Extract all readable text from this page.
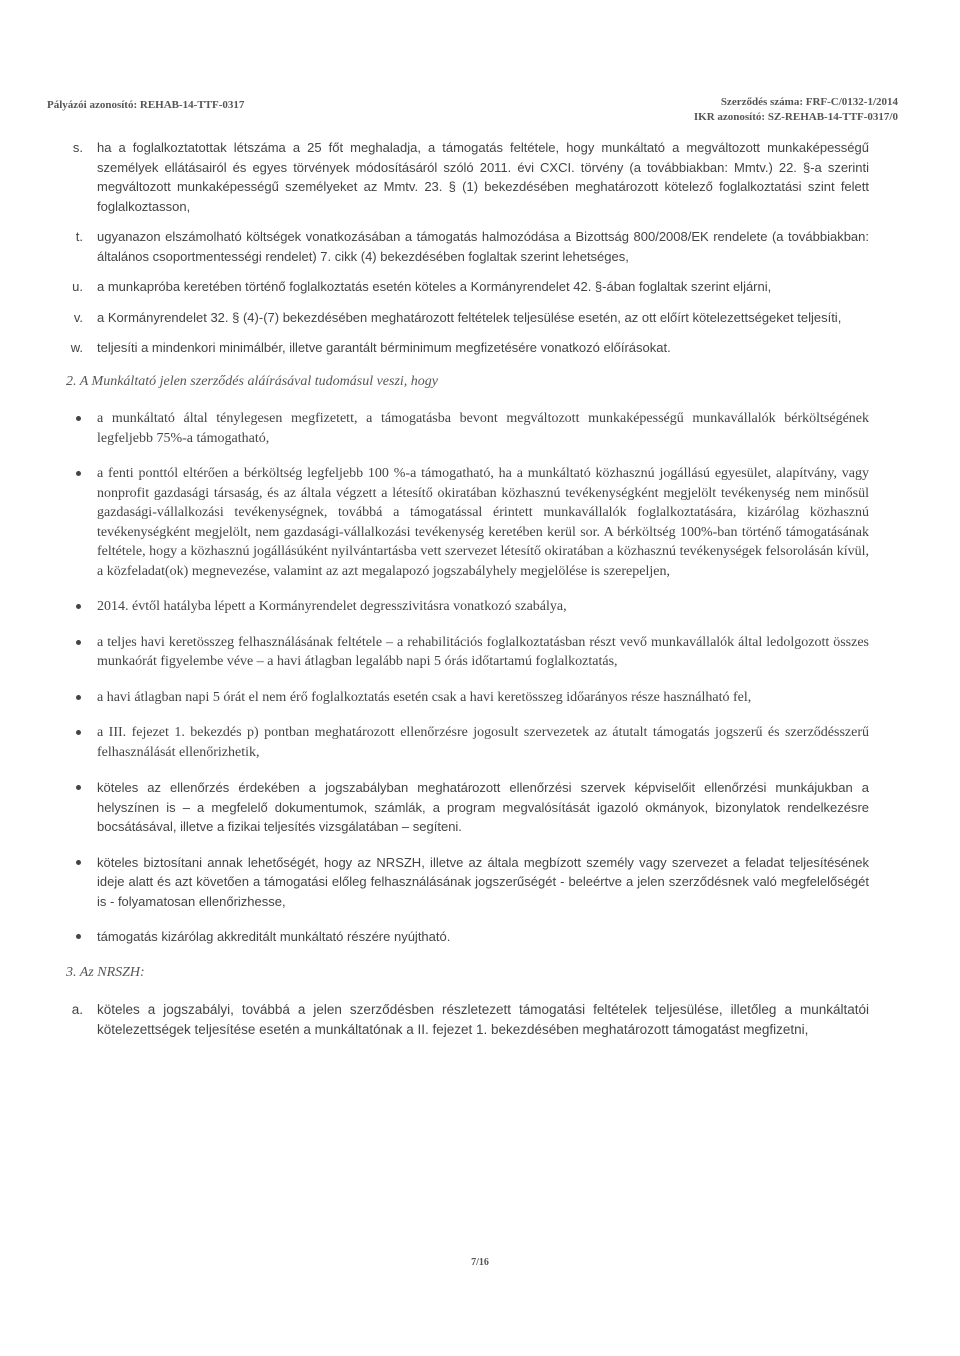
Pályázói azonosító: REHAB-14-TTF-0317	Szerződés száma: FRF-C/0132-1/2014
IKR azonosító: SZ-REHAB-14-TTF-0317/0
s.	ha a foglalkoztatottak létszáma a 25 főt meghaladja, a támogatás feltétele, hogy munkáltató a megváltozott munkaképességű személyek ellátásairól és egyes törvények módosításáról szóló 2011. évi CXCI. törvény (a továbbiakban: Mmtv.) 22. §-a szerinti megváltozott munkaképességű személyeket az Mmtv. 23. § (1) bekezdésében meghatározott kötelező foglalkoztatási szint felett foglalkoztasson,
t.	ugyanazon elszámolható költségek vonatkozásában a támogatás halmozódása a Bizottság 800/2008/EK rendelete (a továbbiakban: általános csoportmentességi rendelet) 7. cikk (4) bekezdésében foglaltak szerint lehetséges,
u.	a munkapróba keretében történő foglalkoztatás esetén köteles a Kormányrendelet 42. §-ában foglaltak szerint eljárni,
v.	a Kormányrendelet 32. § (4)-(7) bekezdésében meghatározott feltételek teljesülése esetén, az ott előírt kötelezettségeket teljesíti,
w.	teljesíti a mindenkori minimálbér, illetve garantált bérminimum megfizetésére vonatkozó előírásokat.
2. A Munkáltató jelen szerződés aláírásával tudomásul veszi, hogy
a munkáltató által ténylegesen megfizetett, a támogatásba bevont megváltozott munkaképességű munkavállalók bérköltségének legfeljebb 75%-a támogatható,
a fenti ponttól eltérően a bérköltség legfeljebb 100 %-a támogatható, ha a munkáltató közhasznú jogállású egyesület, alapítvány, vagy nonprofit gazdasági társaság, és az általa végzett a létesítő okiratában közhasznú tevékenységként megjelölt tevékenység nem minősül gazdasági-vállalkozási tevékenységnek, továbbá a támogatással érintett munkavállalók foglalkoztatására, kizárólag közhasznú tevékenységként megjelölt, nem gazdasági-vállalkozási tevékenység keretében kerül sor. A bérköltség 100%-ban történő támogatásának feltétele, hogy a közhasznú jogállásúként nyilvántartásba vett szervezet létesítő okiratában a közhasznú tevékenységek felsorolásán kívül, a közfeladat(ok) megnevezése, valamint az azt megalapozó jogszabályhely megjelölése is szerepeljen,
2014. évtől hatályba lépett a Kormányrendelet degresszivitásra vonatkozó szabálya,
a teljes havi keretösszeg felhasználásának feltétele – a rehabilitációs foglalkoztatásban részt vevő munkavállalók által ledolgozott összes munkaórát figyelembe véve – a havi átlagban legalább napi 5 órás időtartamú foglalkoztatás,
a havi átlagban napi 5 órát el nem érő foglalkoztatás esetén csak a havi keretösszeg időarányos része használható fel,
a III. fejezet 1. bekezdés p) pontban meghatározott ellenőrzésre jogosult szervezetek az átutalt támogatás jogszerű és szerződésszerű felhasználását ellenőrizhetik,
köteles az ellenőrzés érdekében a jogszabályban meghatározott ellenőrzési szervek képviselőit ellenőrzési munkájukban a helyszínen is – a megfelelő dokumentumok, számlák, a program megvalósítását igazoló okmányok, bizonylatok rendelkezésre bocsátásával, illetve a fizikai teljesítés vizsgálatában – segíteni.
köteles biztosítani annak lehetőségét, hogy az NRSZH, illetve az általa megbízott személy vagy szervezet a feladat teljesítésének ideje alatt és azt követően a támogatási előleg felhasználásának jogszerűségét - beleértve a jelen szerződésnek való megfelelőségét is - folyamatosan ellenőrizhesse,
támogatás kizárólag akkreditált munkáltató részére nyújtható.
3. Az NRSZH:
a.	köteles a jogszabályi, továbbá a jelen szerződésben részletezett támogatási feltételek teljesülése, illetőleg a munkáltatói kötelezettségek teljesítése esetén a munkáltatónak a II. fejezet 1. bekezdésében meghatározott támogatást megfizetni,
7/16
